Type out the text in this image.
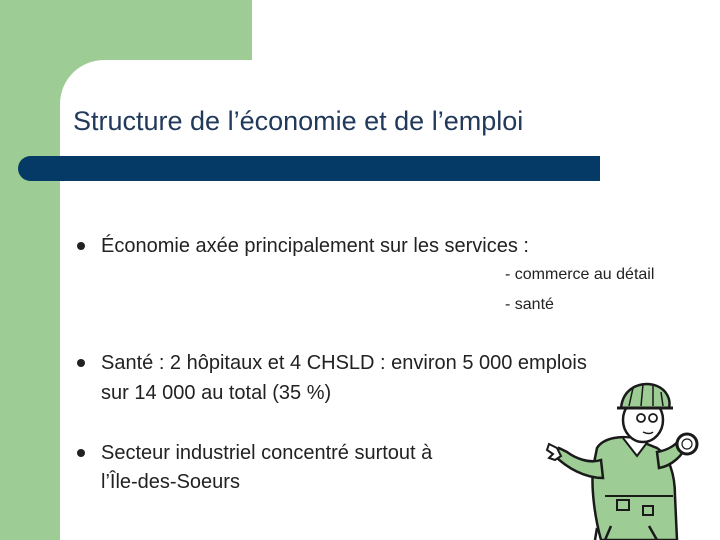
Structure de l’économie et de l’emploi
Économie axée principalement sur les services :
- commerce au détail
- santé
Santé : 2 hôpitaux et 4 CHSLD : environ 5 000 emplois
sur 14 000 au total (35 %)
Secteur industriel concentré surtout à
l’Île-des-Soeurs
